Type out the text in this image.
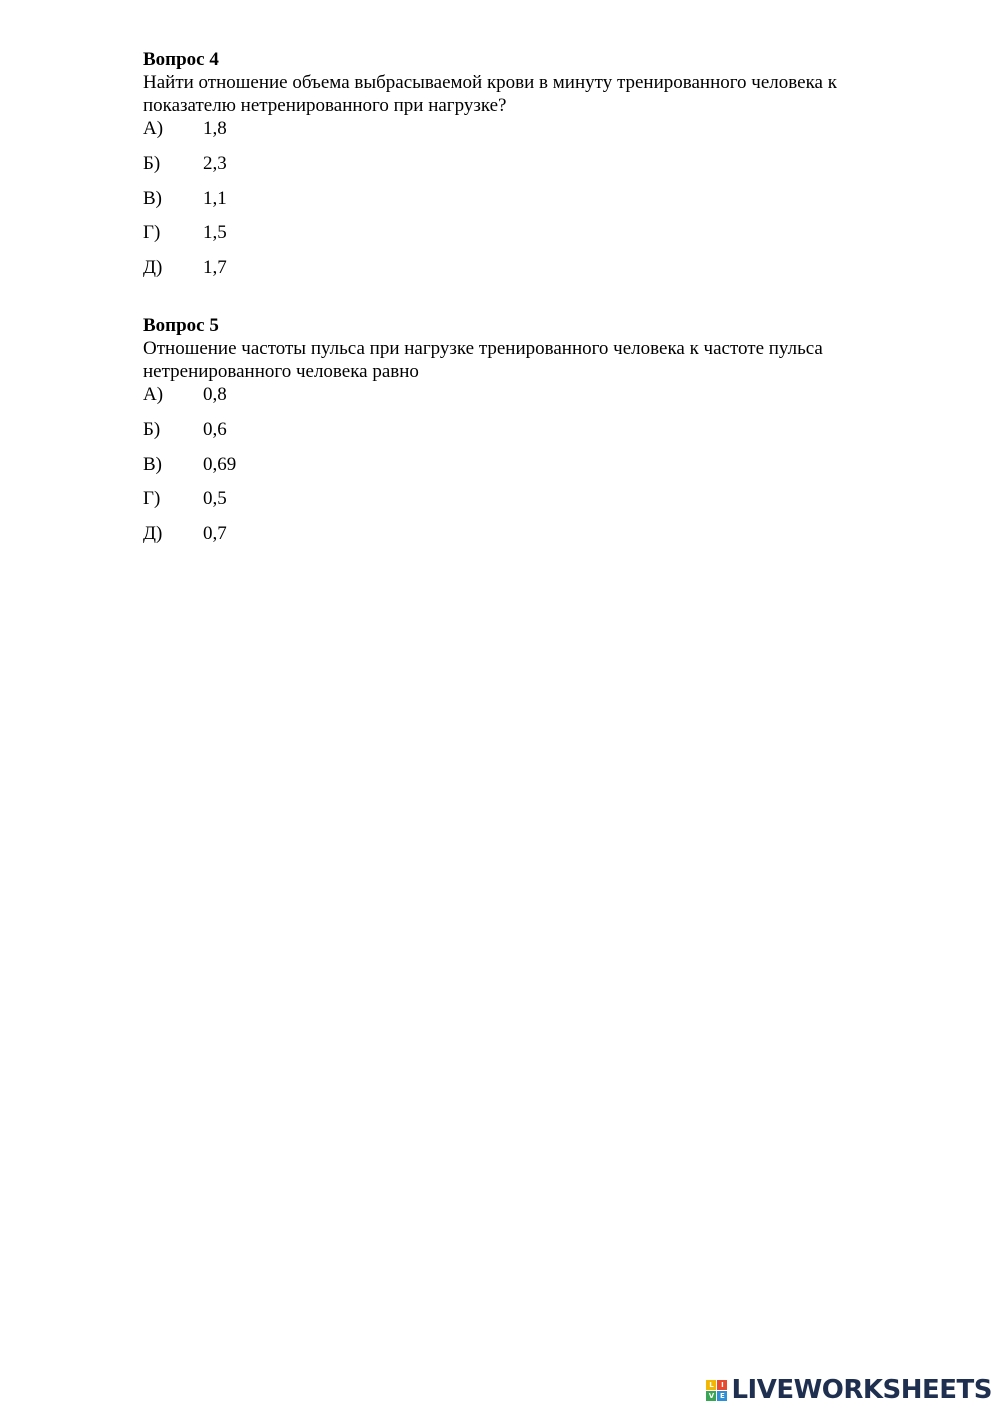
Вопрос 4

Найти отношение объема выбрасываемой крови в минуту тренированного человека к

показателю нетренированного при нагрузке?

А) 1,8
Б) 2,3
В) 1,1
Г) 1,5
Д) 1,7

Вопрос 5

Отношение частоты пульса при нагрузке тренированного человека к частоте пульса

нетренированного человека равно

А) 0,8
Б) 0,6
В) 0,69
Г) 0,5
Д) 0,7
L	I
V E LIVEWORKSHEETS
